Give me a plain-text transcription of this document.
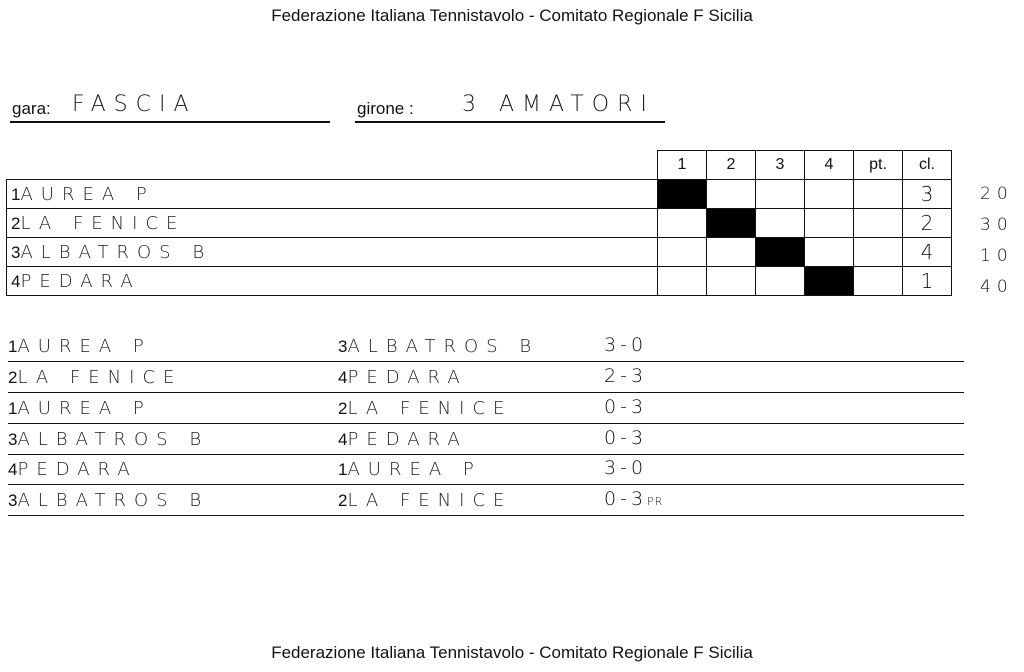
Federazione Italiana Tennistavolo - Comitato Regionale F Sicilia
gara: FASCIA	girone : 3 AMATORI
	1	2	3	4	pt.	cl.

1AUREA P						3

2LA FENICE						2

3ALBATROS B						4

4PEDARA						1
20
30
10
40
1AUREA P	3ALBATROS B	3-0
2LA FENICE	4PEDARA	2-3
1AUREA P	2LA FENICE	0-3
3ALBATROS B	4PEDARA	0-3
4PEDARA	1AUREA P	3-0
3ALBATROS B	2LA FENICE	0-3PR
Federazione Italiana Tennistavolo - Comitato Regionale F Sicilia
